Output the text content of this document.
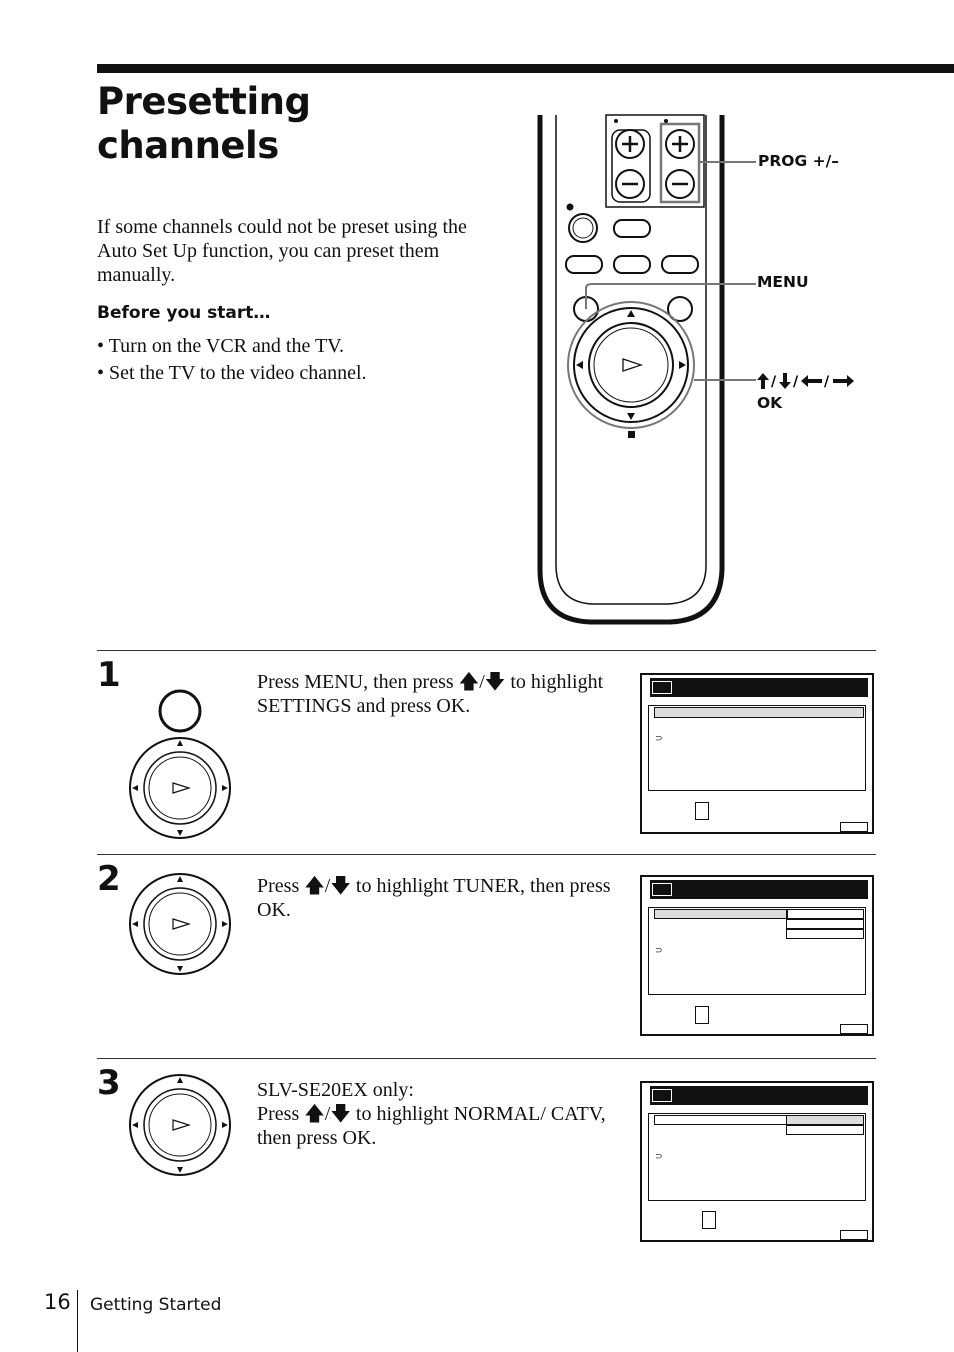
Presetting
channels
If some channels could not be preset using the Auto Set Up function, you can preset them manually.
Before you start…
• Turn on the VCR and the TV.
• Set the TV to the video channel.
PROG +/–
MENU
/ / /
OK
1	Press MENU, then press 🡅/🡇 to highlight SETTINGS and press OK.
⊃
2	Press 🡅/🡇 to highlight TUNER, then press OK.
⊃
3	SLV-SE20EX only:
Press 🡅/🡇 to highlight NORMAL/ CATV, then press OK.
⊃
16 Getting Started
